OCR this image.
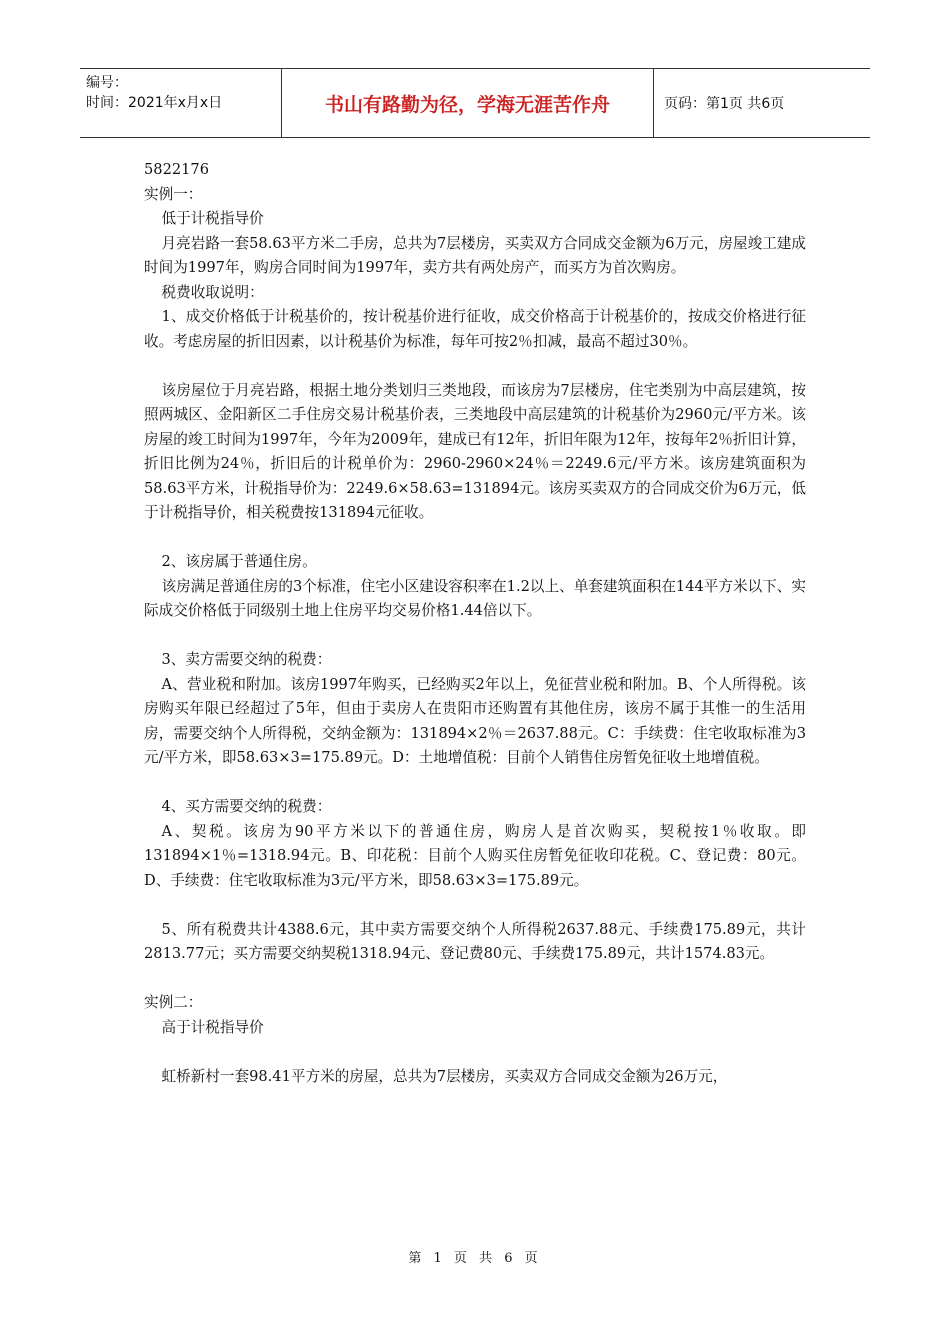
编号：
时间：2021年x月x日	书山有路勤为径，学海无涯苦作舟	页码：第1页 共6页

5822176

实例一：

低于计税指导价

月亮岩路一套58.63平方米二手房，总共为7层楼房，买卖双方合同成交金额为6万元，房屋竣工建成时间为1997年，购房合同时间为1997年，卖方共有两处房产，而买方为首次购房。

税费收取说明：

1、成交价格低于计税基价的，按计税基价进行征收，成交价格高于计税基价的，按成交价格进行征收。考虑房屋的折旧因素，以计税基价为标准，每年可按2％扣减，最高不超过30％。

该房屋位于月亮岩路，根据土地分类划归三类地段，而该房为7层楼房，住宅类别为中高层建筑，按照两城区、金阳新区二手住房交易计税基价表，三类地段中高层建筑的计税基价为2960元/平方米。该房屋的竣工时间为1997年，今年为2009年，建成已有12年，折旧年限为12年，按每年2％折旧计算，折旧比例为24％，折旧后的计税单价为：2960-2960×24％＝2249.6元/平方米。该房建筑面积为58.63平方米，计税指导价为：2249.6×58.63=131894元。该房买卖双方的合同成交价为6万元，低于计税指导价，相关税费按131894元征收。

2、该房属于普通住房。

该房满足普通住房的3个标准，住宅小区建设容积率在1.2以上、单套建筑面积在144平方米以下、实际成交价格低于同级别土地上住房平均交易价格1.44倍以下。

3、卖方需要交纳的税费：

A、营业税和附加。该房1997年购买，已经购买2年以上，免征营业税和附加。B、个人所得税。该房购买年限已经超过了5年，但由于卖房人在贵阳市还购置有其他住房，该房不属于其惟一的生活用房，需要交纳个人所得税，交纳金额为：131894×2％＝2637.88元。C：手续费：住宅收取标准为3元/平方米，即58.63×3=175.89元。D：土地增值税：目前个人销售住房暂免征收土地增值税。

4、买方需要交纳的税费：

A、契税。该房为90平方米以下的普通住房，购房人是首次购买，契税按1％收取。即131894×1％=1318.94元。B、印花税：目前个人购买住房暂免征收印花税。C、登记费：80元。D、手续费：住宅收取标准为3元/平方米，即58.63×3=175.89元。

5、所有税费共计4388.6元，其中卖方需要交纳个人所得税2637.88元、手续费175.89元，共计2813.77元；买方需要交纳契税1318.94元、登记费80元、手续费175.89元，共计1574.83元。

实例二：

高于计税指导价

虹桥新村一套98.41平方米的房屋，总共为7层楼房，买卖双方合同成交金额为26万元，

第 1 页 共 6 页
